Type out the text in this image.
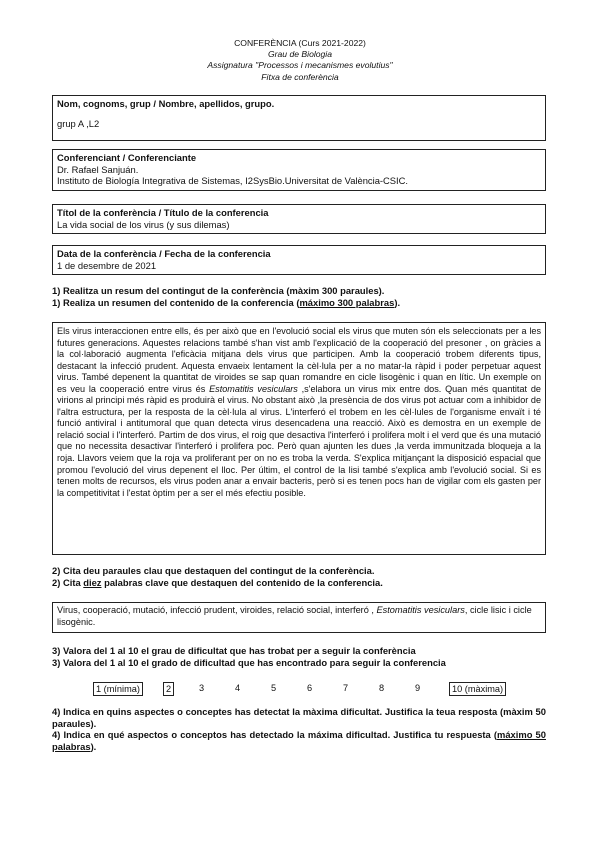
CONFERÈNCIA (Curs 2021-2022)
Grau de Biologia
Assignatura "Processos i mecanismes evolutius"
Fitxa de conferència
Nom, cognoms, grup / Nombre, apellidos, grupo.
grup A ,L2
Conferenciant / Conferenciante
Dr. Rafael Sanjuán.
Instituto de Biología Integrativa de Sistemas, I2SysBio.Universitat de València-CSIC.
Títol de la conferència / Título de la conferencia
La vida social de los virus (y sus dilemas)
Data de la conferència / Fecha de la conferencia
1 de desembre de 2021
1) Realitza un resum del contingut de la conferència (màxim 300 paraules).
1) Realiza un resumen del contenido de la conferencia (máximo 300 palabras).
Els virus interaccionen entre ells, és per això que en l'evolució social els virus que muten són els seleccionats per a les futures generacions. Aquestes relacions també s'han vist amb l'explicació de la cooperació del presoner , on gràcies a la col·laboració augmenta l'eficàcia mitjana dels virus que participen. Amb la cooperació trobem diferents tipus, destacant la infecció prudent. Aquesta envaeix lentament la cèl·lula per a no matar-la ràpid i poder perpetuar aquest virus. També depenent la quantitat de viroides se sap quan romandre en cicle lisogènic i quan en lític. Un exemple on es veu la cooperació entre virus és Estomatitis vesiculars ,s'elabora un virus mix entre dos. Quan més quantitat de virions al principi més ràpid es produirà el virus. No obstant això ,la presència de dos virus pot actuar com a inhibidor de l'altra estructura, per la resposta de la cèl·lula al virus. L'interferó el trobem en les cèl·lules de l'organisme envaït i té funció antiviral i antitumoral que quan detecta virus desencadena una reacció. Això es demostra en un exemple de relació social i l'interferó. Partim de dos virus, el roig que desactiva l'interferó i prolifera molt i el verd que és una mutació que no necessita desactivar l'interferó i prolifera poc. Però quan ajunten les dues ,la verda immunitzada bloqueja a la roja. Llavors veiem que la roja va proliferant per on no es troba la verda. S'explica mitjançant la disposició espacial que promou l'evolució del virus depenent el lloc. Per últim, el control de la lisi també s'explica amb l'evolució social. Si es tenen molts de recursos, els virus poden anar a envair bacteris, però si es tenen pocs han de vigilar com els gasten per la competitivitat i l'estat òptim per a ser el més efectiu posible.
2) Cita deu paraules clau que destaquen del contingut de la conferència.
2) Cita diez palabras clave que destaquen del contenido de la conferencia.
Virus, cooperació, mutació, infecció prudent, viroides, relació social, interferó , Estomatitis vesiculars, cicle lisic i cicle lisogènic.
3) Valora del 1 al 10 el grau de dificultat que has trobat per a seguir la conferència
3) Valora del 1 al 10 el grado de dificultad que has encontrado para seguir la conferencia
1 (mínima)	2	3	4	5	6	7	8	9	10 (màxima)
4) Indica en quins aspectes o conceptes has detectat la màxima dificultat. Justifica la teua resposta (màxim 50 paraules).
4) Indica en qué aspectos o conceptos has detectado la máxima dificultad. Justifica tu respuesta (máximo 50 palabras).
